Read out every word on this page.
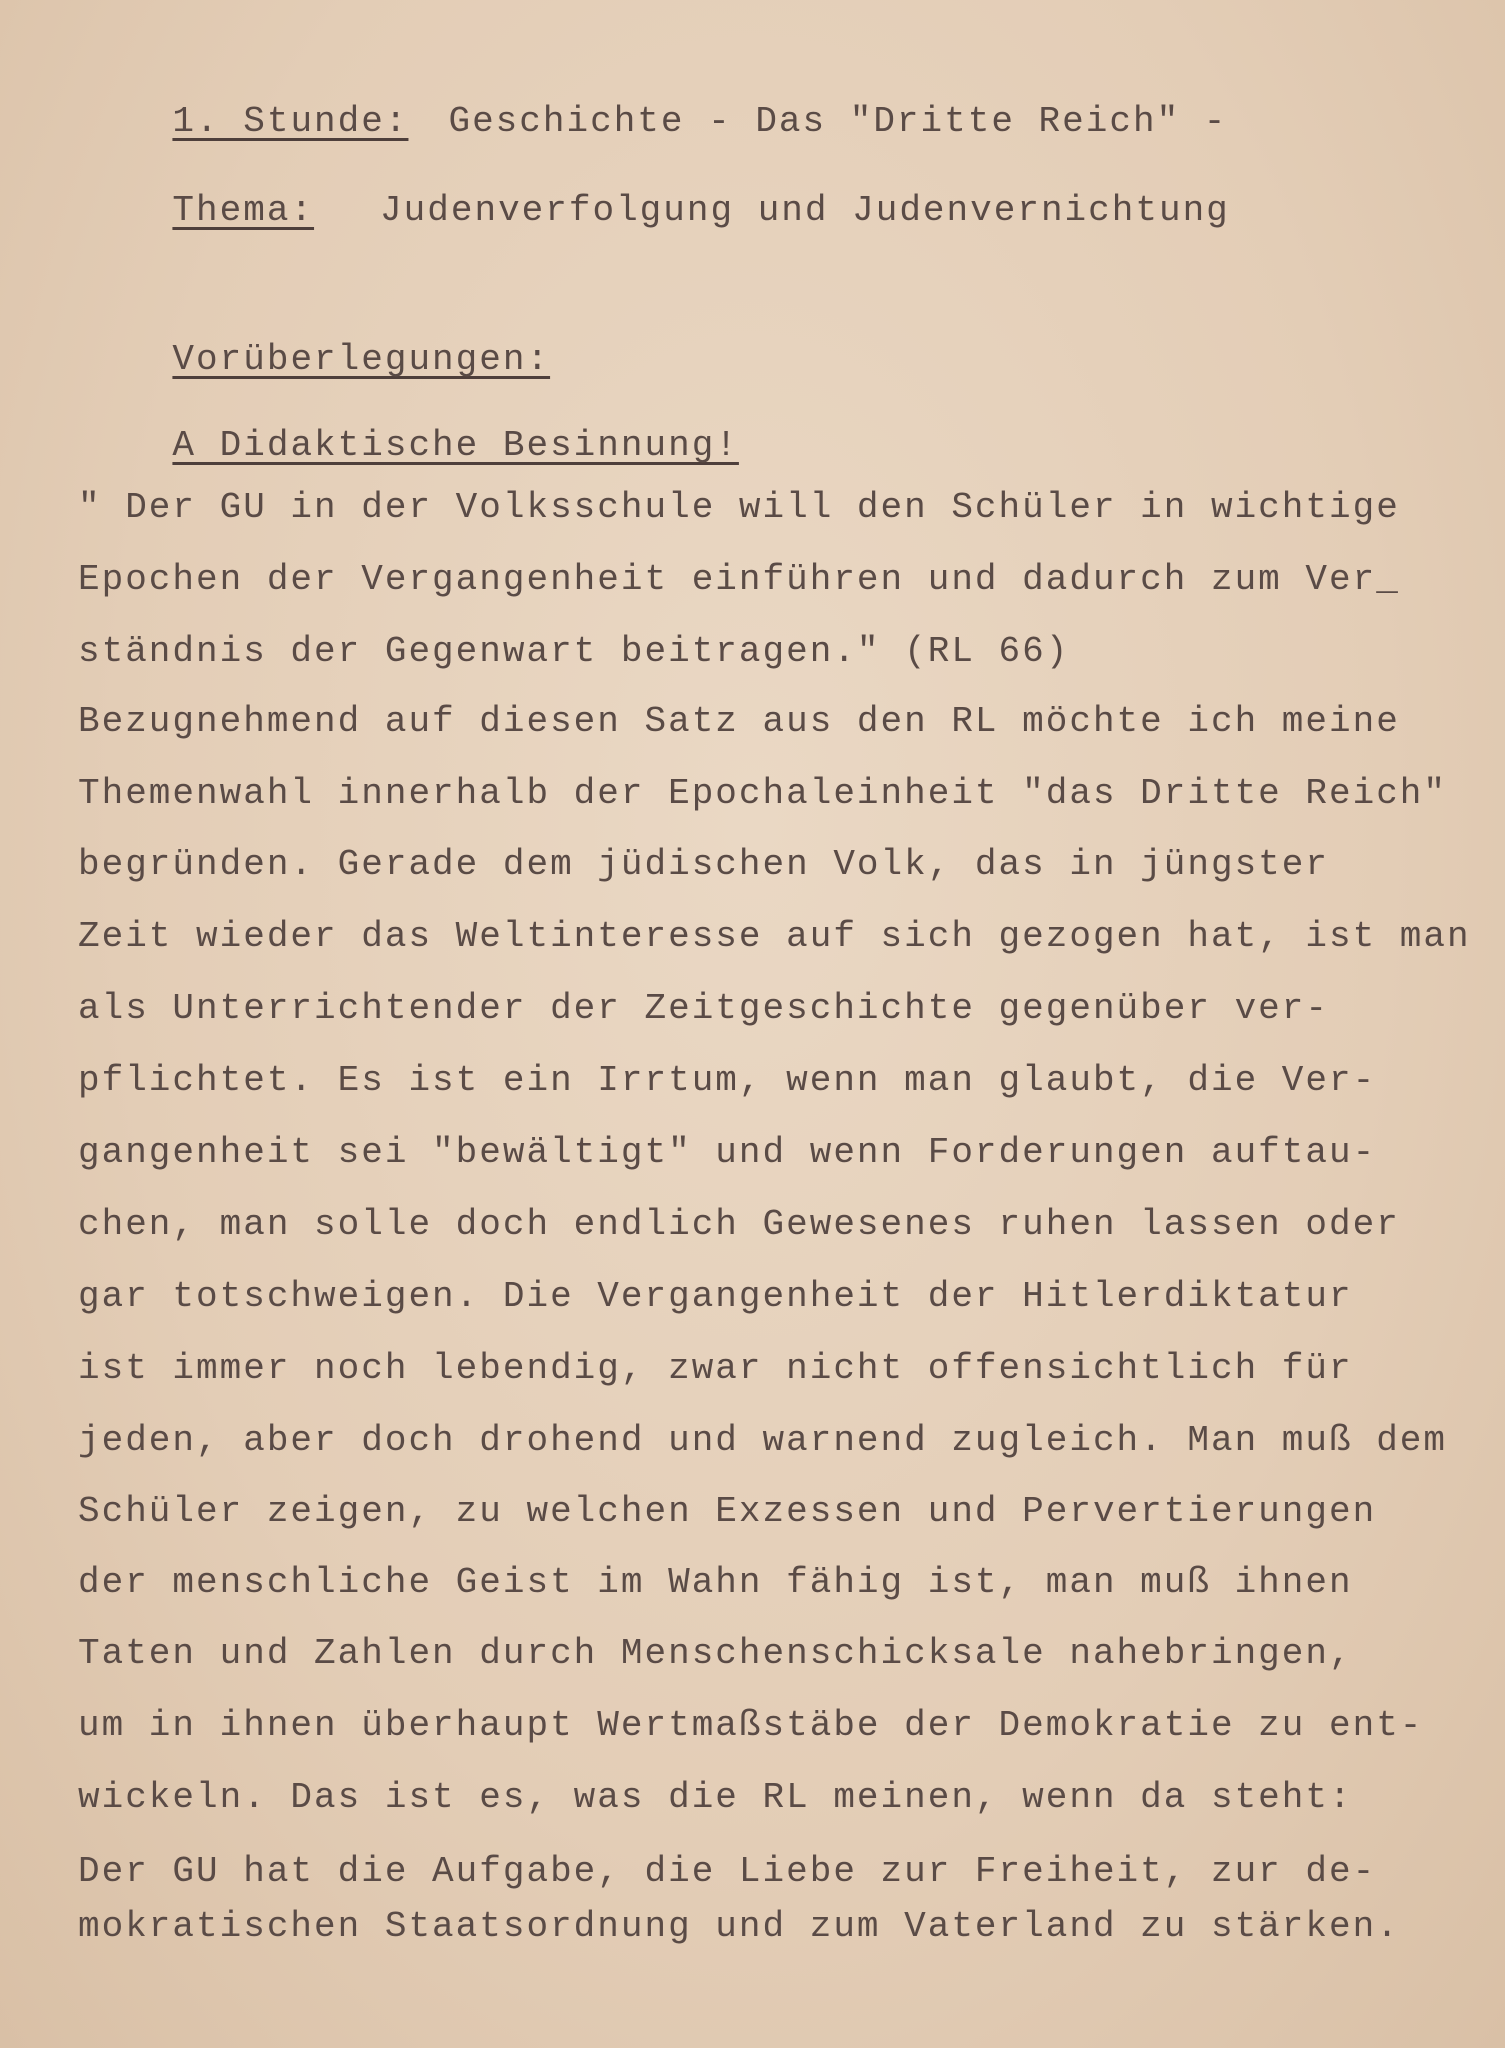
1. Stunde: Geschichte - Das "Dritte Reich" -

Thema: Judenverfolgung und Judenvernichtung

Vorüberlegungen:

A Didaktische Besinnung!

" Der GU in der Volksschule will den Schüler in wichtige
Epochen der Vergangenheit einführen und dadurch zum Ver_
ständnis der Gegenwart beitragen." (RL 66)
Bezugnehmend auf diesen Satz aus den RL möchte ich meine
Themenwahl innerhalb der Epochaleinheit "das Dritte Reich"
begründen. Gerade dem jüdischen Volk, das in jüngster
Zeit wieder das Weltinteresse auf sich gezogen hat, ist man
als Unterrichtender der Zeitgeschichte gegenüber ver-
pflichtet. Es ist ein Irrtum, wenn man glaubt, die Ver-
gangenheit sei "bewältigt" und wenn Forderungen auftau-
chen, man solle doch endlich Gewesenes ruhen lassen oder
gar totschweigen. Die Vergangenheit der Hitlerdiktatur
ist immer noch lebendig, zwar nicht offensichtlich für
jeden, aber doch drohend und warnend zugleich. Man muß dem
Schüler zeigen, zu welchen Exzessen und Pervertierungen
der menschliche Geist im Wahn fähig ist, man muß ihnen
Taten und Zahlen durch Menschenschicksale nahebringen,
um in ihnen überhaupt Wertmaßstäbe der Demokratie zu ent-
wickeln. Das ist es, was die RL meinen, wenn da steht:
Der GU hat die Aufgabe, die Liebe zur Freiheit, zur de-
mokratischen Staatsordnung und zum Vaterland zu stärken.
